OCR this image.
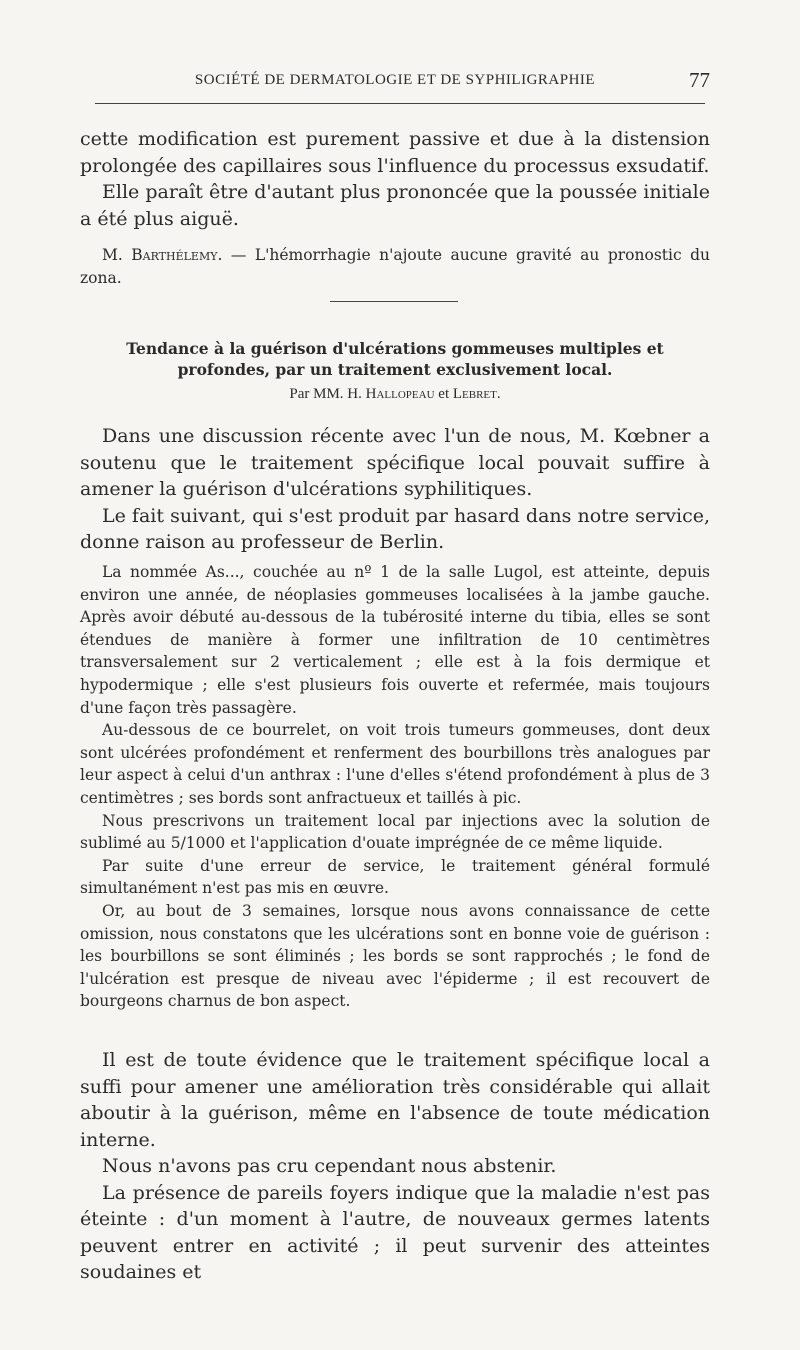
SOCIÉTÉ DE DERMATOLOGIE ET DE SYPHILIGRAPHIE	77

cette modification est purement passive et due à la distension prolongée des capillaires sous l'influence du processus exsudatif.

Elle paraît être d'autant plus prononcée que la poussée initiale a été plus aiguë.

M. Barthélemy. — L'hémorrhagie n'ajoute aucune gravité au pronostic du zona.

Tendance à la guérison d'ulcérations gommeuses multiples et
profondes, par un traitement exclusivement local.
Par MM. H. Hallopeau et Lebret.

Dans une discussion récente avec l'un de nous, M. Kœbner a soutenu que le traitement spécifique local pouvait suffire à amener la guérison d'ulcérations syphilitiques.

Le fait suivant, qui s'est produit par hasard dans notre service, donne raison au professeur de Berlin.

La nommée As..., couchée au nº 1 de la salle Lugol, est atteinte, depuis environ une année, de néoplasies gommeuses localisées à la jambe gauche. Après avoir débuté au-dessous de la tubérosité interne du tibia, elles se sont étendues de manière à former une infiltration de 10 centimètres transversalement sur 2 verticalement ; elle est à la fois dermique et hypodermique ; elle s'est plusieurs fois ouverte et refermée, mais toujours d'une façon très passagère.

Au-dessous de ce bourrelet, on voit trois tumeurs gommeuses, dont deux sont ulcérées profondément et renferment des bourbillons très analogues par leur aspect à celui d'un anthrax : l'une d'elles s'étend profondément à plus de 3 centimètres ; ses bords sont anfractueux et taillés à pic.

Nous prescrivons un traitement local par injections avec la solution de sublimé au 5/1000 et l'application d'ouate imprégnée de ce même liquide.

Par suite d'une erreur de service, le traitement général formulé simultanément n'est pas mis en œuvre.

Or, au bout de 3 semaines, lorsque nous avons connaissance de cette omission, nous constatons que les ulcérations sont en bonne voie de guérison : les bourbillons se sont éliminés ; les bords se sont rapprochés ; le fond de l'ulcération est presque de niveau avec l'épiderme ; il est recouvert de bourgeons charnus de bon aspect.

Il est de toute évidence que le traitement spécifique local a suffi pour amener une amélioration très considérable qui allait aboutir à la guérison, même en l'absence de toute médication interne.

Nous n'avons pas cru cependant nous abstenir.

La présence de pareils foyers indique que la maladie n'est pas éteinte : d'un moment à l'autre, de nouveaux germes latents peuvent entrer en activité ; il peut survenir des atteintes soudaines et
